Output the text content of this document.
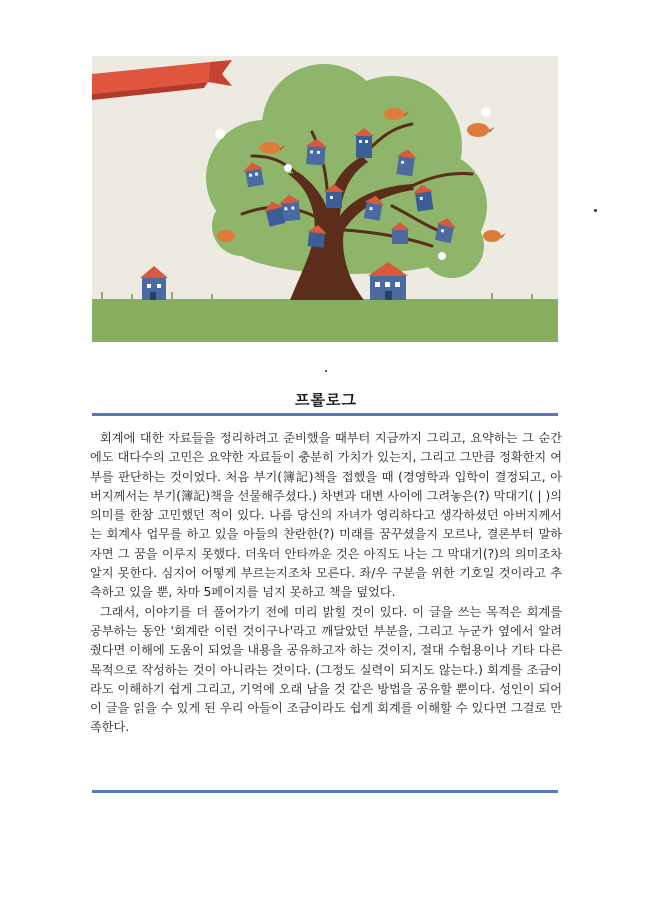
프롤로그

회계에 대한 자료들을 정리하려고 준비했을 때부터 지금까지 그리고, 요약하는 그 순간에도 대다수의 고민은 요약한 자료들이 충분히 가치가 있는지, 그리고 그만큼 정확한지 여부를 판단하는 것이었다. 처음 부기(簿記)책을 접했을 때 (경영학과 입학이 결정되고, 아버지께서는 부기(簿記)책을 선물해주셨다.) 차변과 대변 사이에 그려놓은(?) 막대기( | )의 의미를 한참 고민했던 적이 있다. 나름 당신의 자녀가 영리하다고 생각하셨던 아버지께서는 회계사 업무를 하고 있을 아들의 찬란한(?) 미래를 꿈꾸셨을지 모르나, 결론부터 말하자면 그 꿈을 이루지 못했다. 더욱더 안타까운 것은 아직도 나는 그 막대기(?)의 의미조차 알지 못한다. 심지어 어떻게 부르는지조차 모른다. 좌/우 구분을 위한 기호일 것이라고 추측하고 있을 뿐, 차마 5페이지를 넘지 못하고 책을 덮었다.

그래서, 이야기를 더 풀어가기 전에 미리 밝힐 것이 있다. 이 글을 쓰는 목적은 회계를 공부하는 동안 '회계란 이런 것이구나'라고 깨달았던 부분을, 그리고 누군가 옆에서 알려줬다면 이해에 도움이 되었을 내용을 공유하고자 하는 것이지, 절대 수험용이나 기타 다른 목적으로 작성하는 것이 아니라는 것이다. (그정도 실력이 되지도 않는다.) 회계를 조금이라도 이해하기 쉽게 그리고, 기억에 오래 남을 것 같은 방법을 공유할 뿐이다. 성인이 되어 이 글을 읽을 수 있게 된 우리 아들이 조금이라도 쉽게 회계를 이해할 수 있다면 그걸로 만족한다.
